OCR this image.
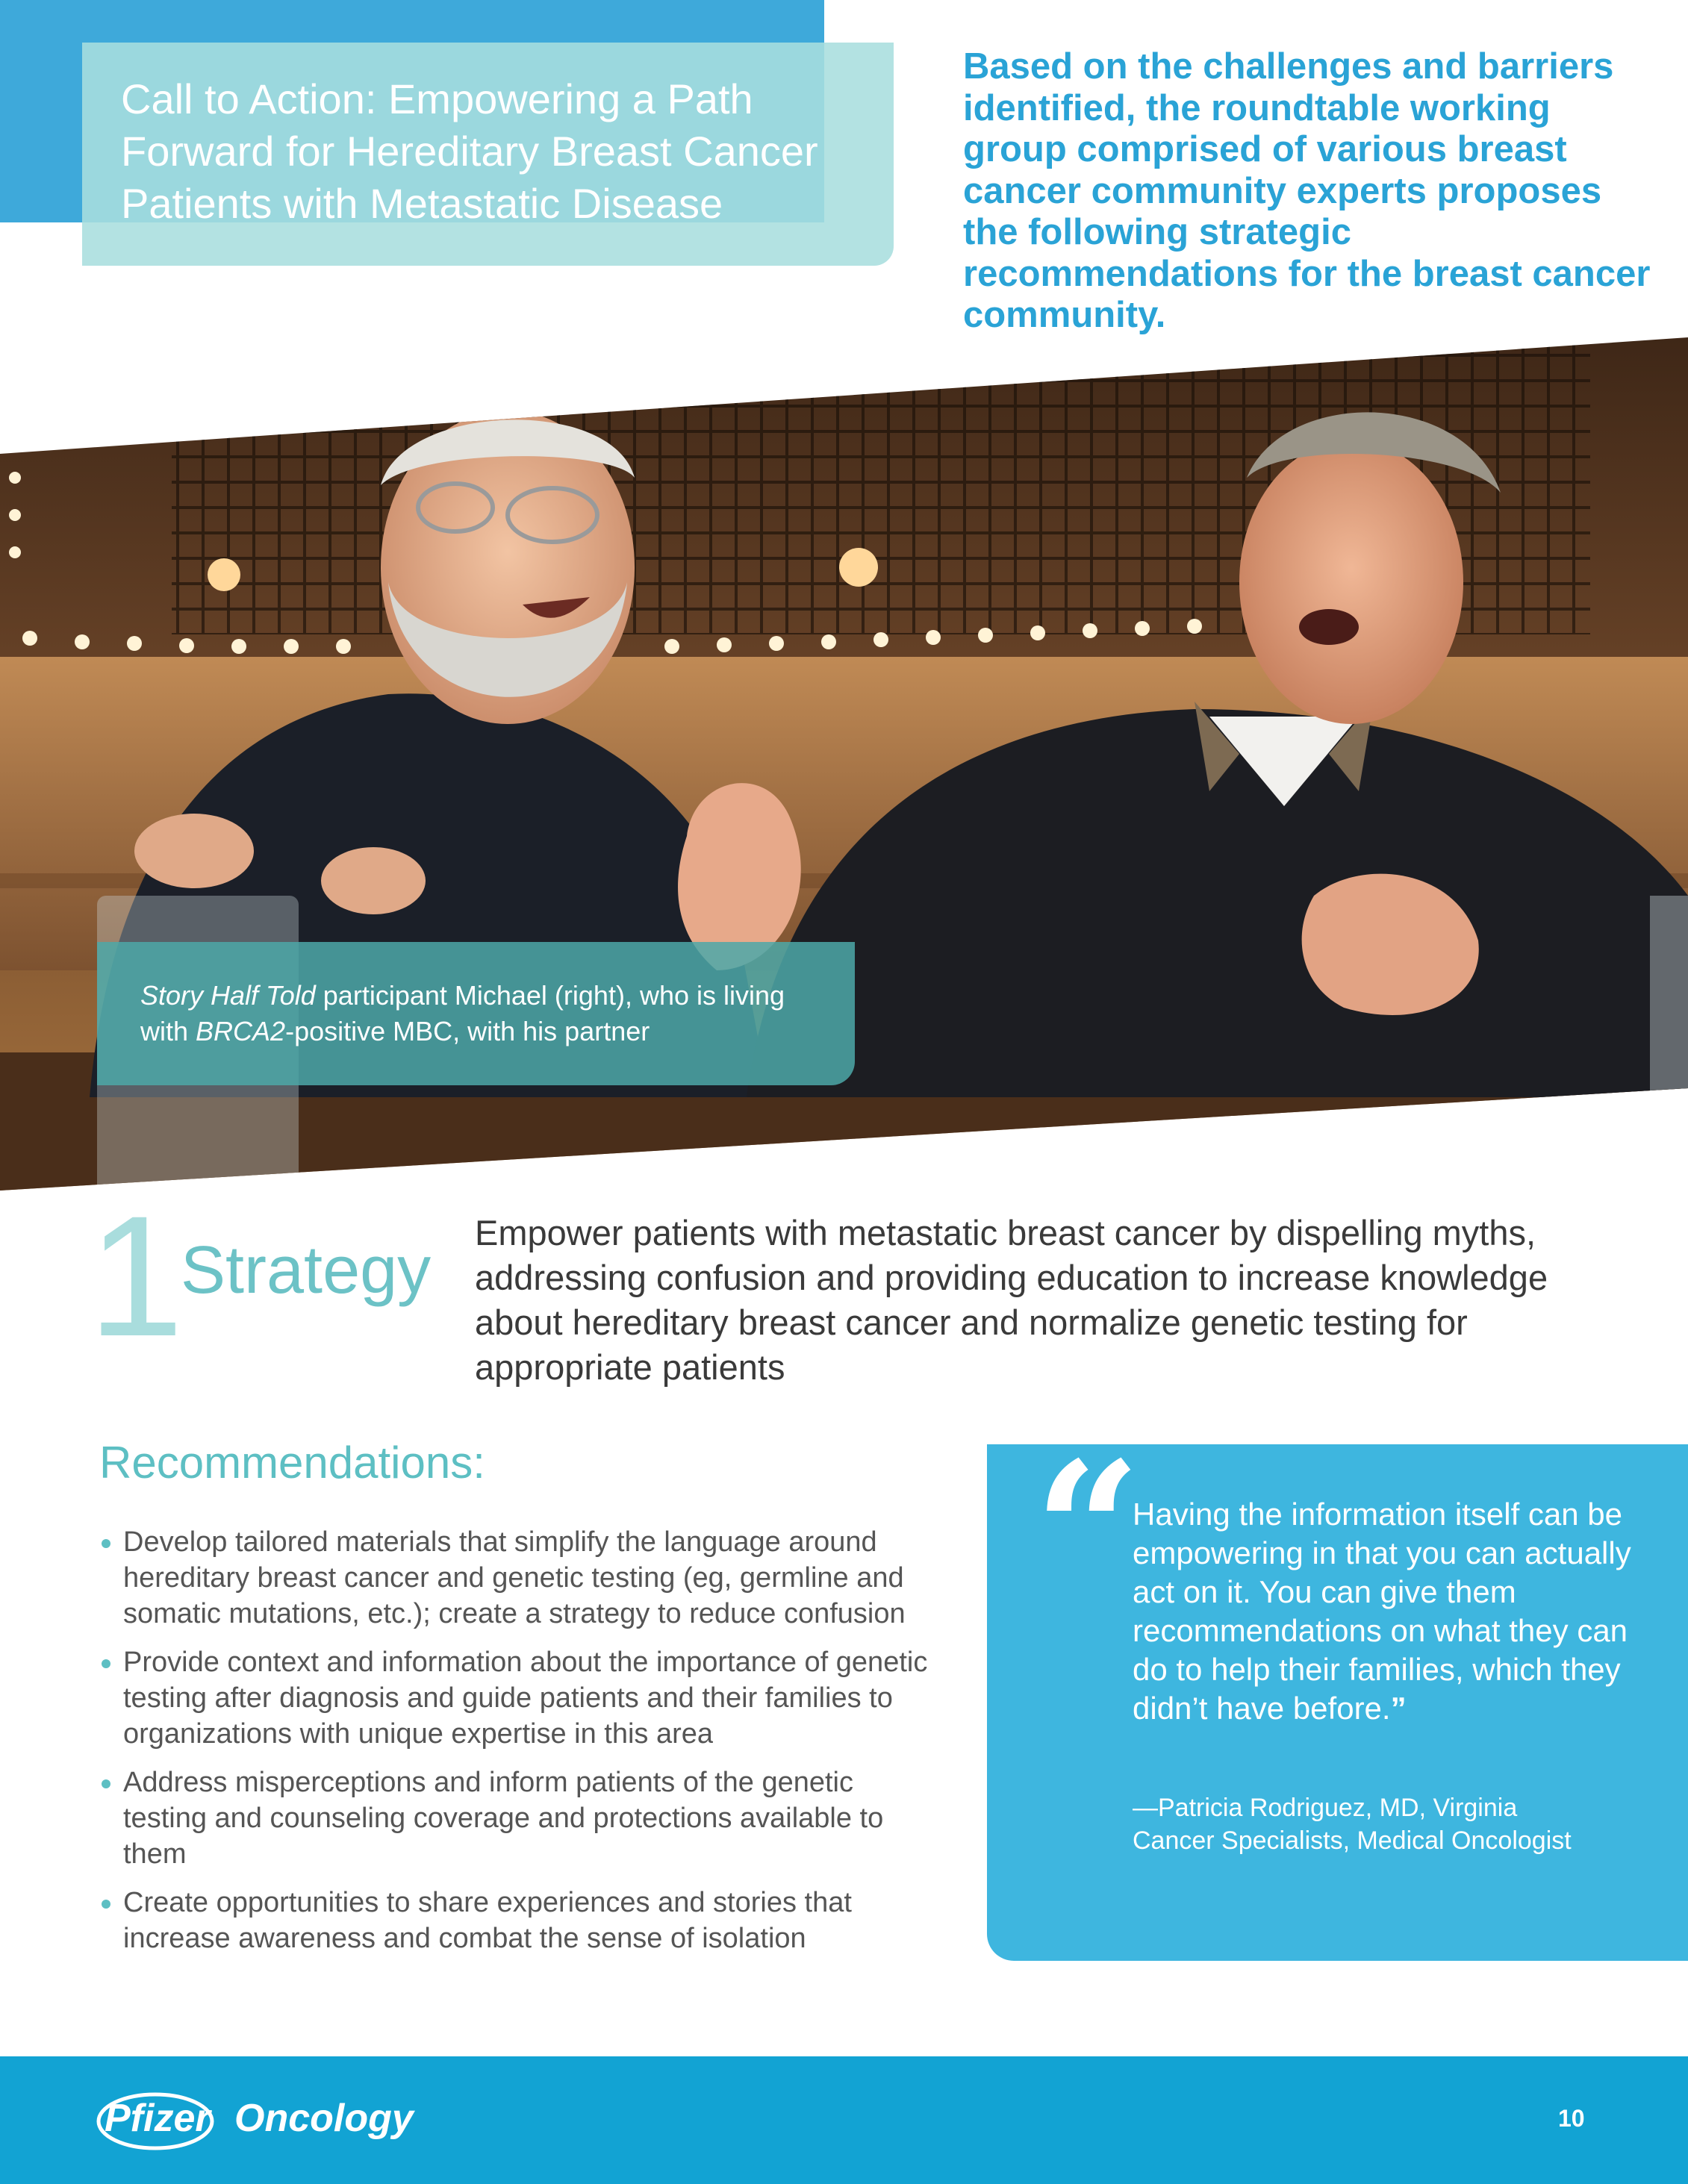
Call to Action: Empowering a Path Forward for Hereditary Breast Cancer Patients with Metastatic Disease

Based on the challenges and barriers identified, the roundtable working group comprised of various breast cancer community experts proposes the following strategic recommendations for the breast cancer community.

Story Half Told participant Michael (right), who is living with BRCA2-positive MBC, with his partner

1
Strategy

Empower patients with metastatic breast cancer by dispelling myths, addressing confusion and providing education to increase knowledge about hereditary breast cancer and normalize genetic testing for appropriate patients

Recommendations:
Develop tailored materials that simplify the language around hereditary breast cancer and genetic testing (eg, germline and somatic mutations, etc.); create a strategy to reduce confusion
Provide context and information about the importance of genetic testing after diagnosis and guide patients and their families to organizations with unique expertise in this area
Address misperceptions and inform patients of the genetic testing and counseling coverage and protections available to them
Create opportunities to share experiences and stories that increase awareness and combat the sense of isolation
“

Having the information itself can be empowering in that you can actually act on it. You can give them recommendations on what they can do to help their families, which they didn’t have before.”

—Patricia Rodriguez, MD, Virginia Cancer Specialists, Medical Oncologist

Pfizer Oncology	10
